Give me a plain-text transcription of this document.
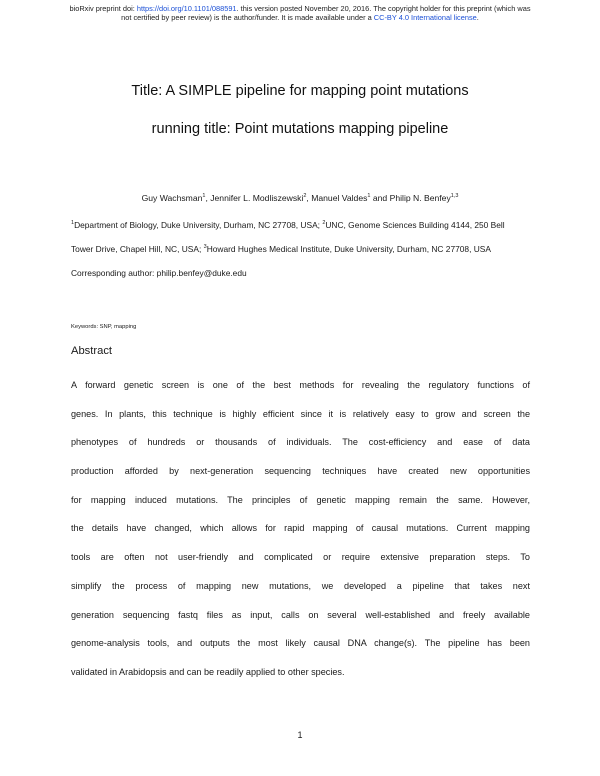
bioRxiv preprint doi: https://doi.org/10.1101/088591. this version posted November 20, 2016. The copyright holder for this preprint (which was
not certified by peer review) is the author/funder. It is made available under a CC-BY 4.0 International license.
Title: A SIMPLE pipeline for mapping point mutations
running title: Point mutations mapping pipeline
Guy Wachsman$^1$, Jennifer L. Modliszewski$^2$, Manuel Valdes$^1$ and Philip N. Benfey$^{1,3}$
$^1$Department of Biology, Duke University, Durham, NC 27708, USA; $^2$UNC, Genome Sciences Building 4144, 250 Bell
Tower Drive, Chapel Hill, NC, USA; $^3$Howard Hughes Medical Institute, Duke University, Durham, NC 27708, USA
Corresponding author: philip.benfey@duke.edu
Keywords: SNP, mapping
Abstract
A forward genetic screen is one of the best methods for revealing the regulatory functions of
genes. In plants, this technique is highly efficient since it is relatively easy to grow and screen the
phenotypes of hundreds or thousands of individuals. The cost-efficiency and ease of data
production afforded by next-generation sequencing techniques have created new opportunities
for mapping induced mutations. The principles of genetic mapping remain the same. However,
the details have changed, which allows for rapid mapping of causal mutations. Current mapping
tools are often not user-friendly and complicated or require extensive preparation steps. To
simplify the process of mapping new mutations, we developed a pipeline that takes next
generation sequencing fastq files as input, calls on several well-established and freely available
genome-analysis tools, and outputs the most likely causal DNA change(s). The pipeline has been
validated in Arabidopsis and can be readily applied to other species.
1
